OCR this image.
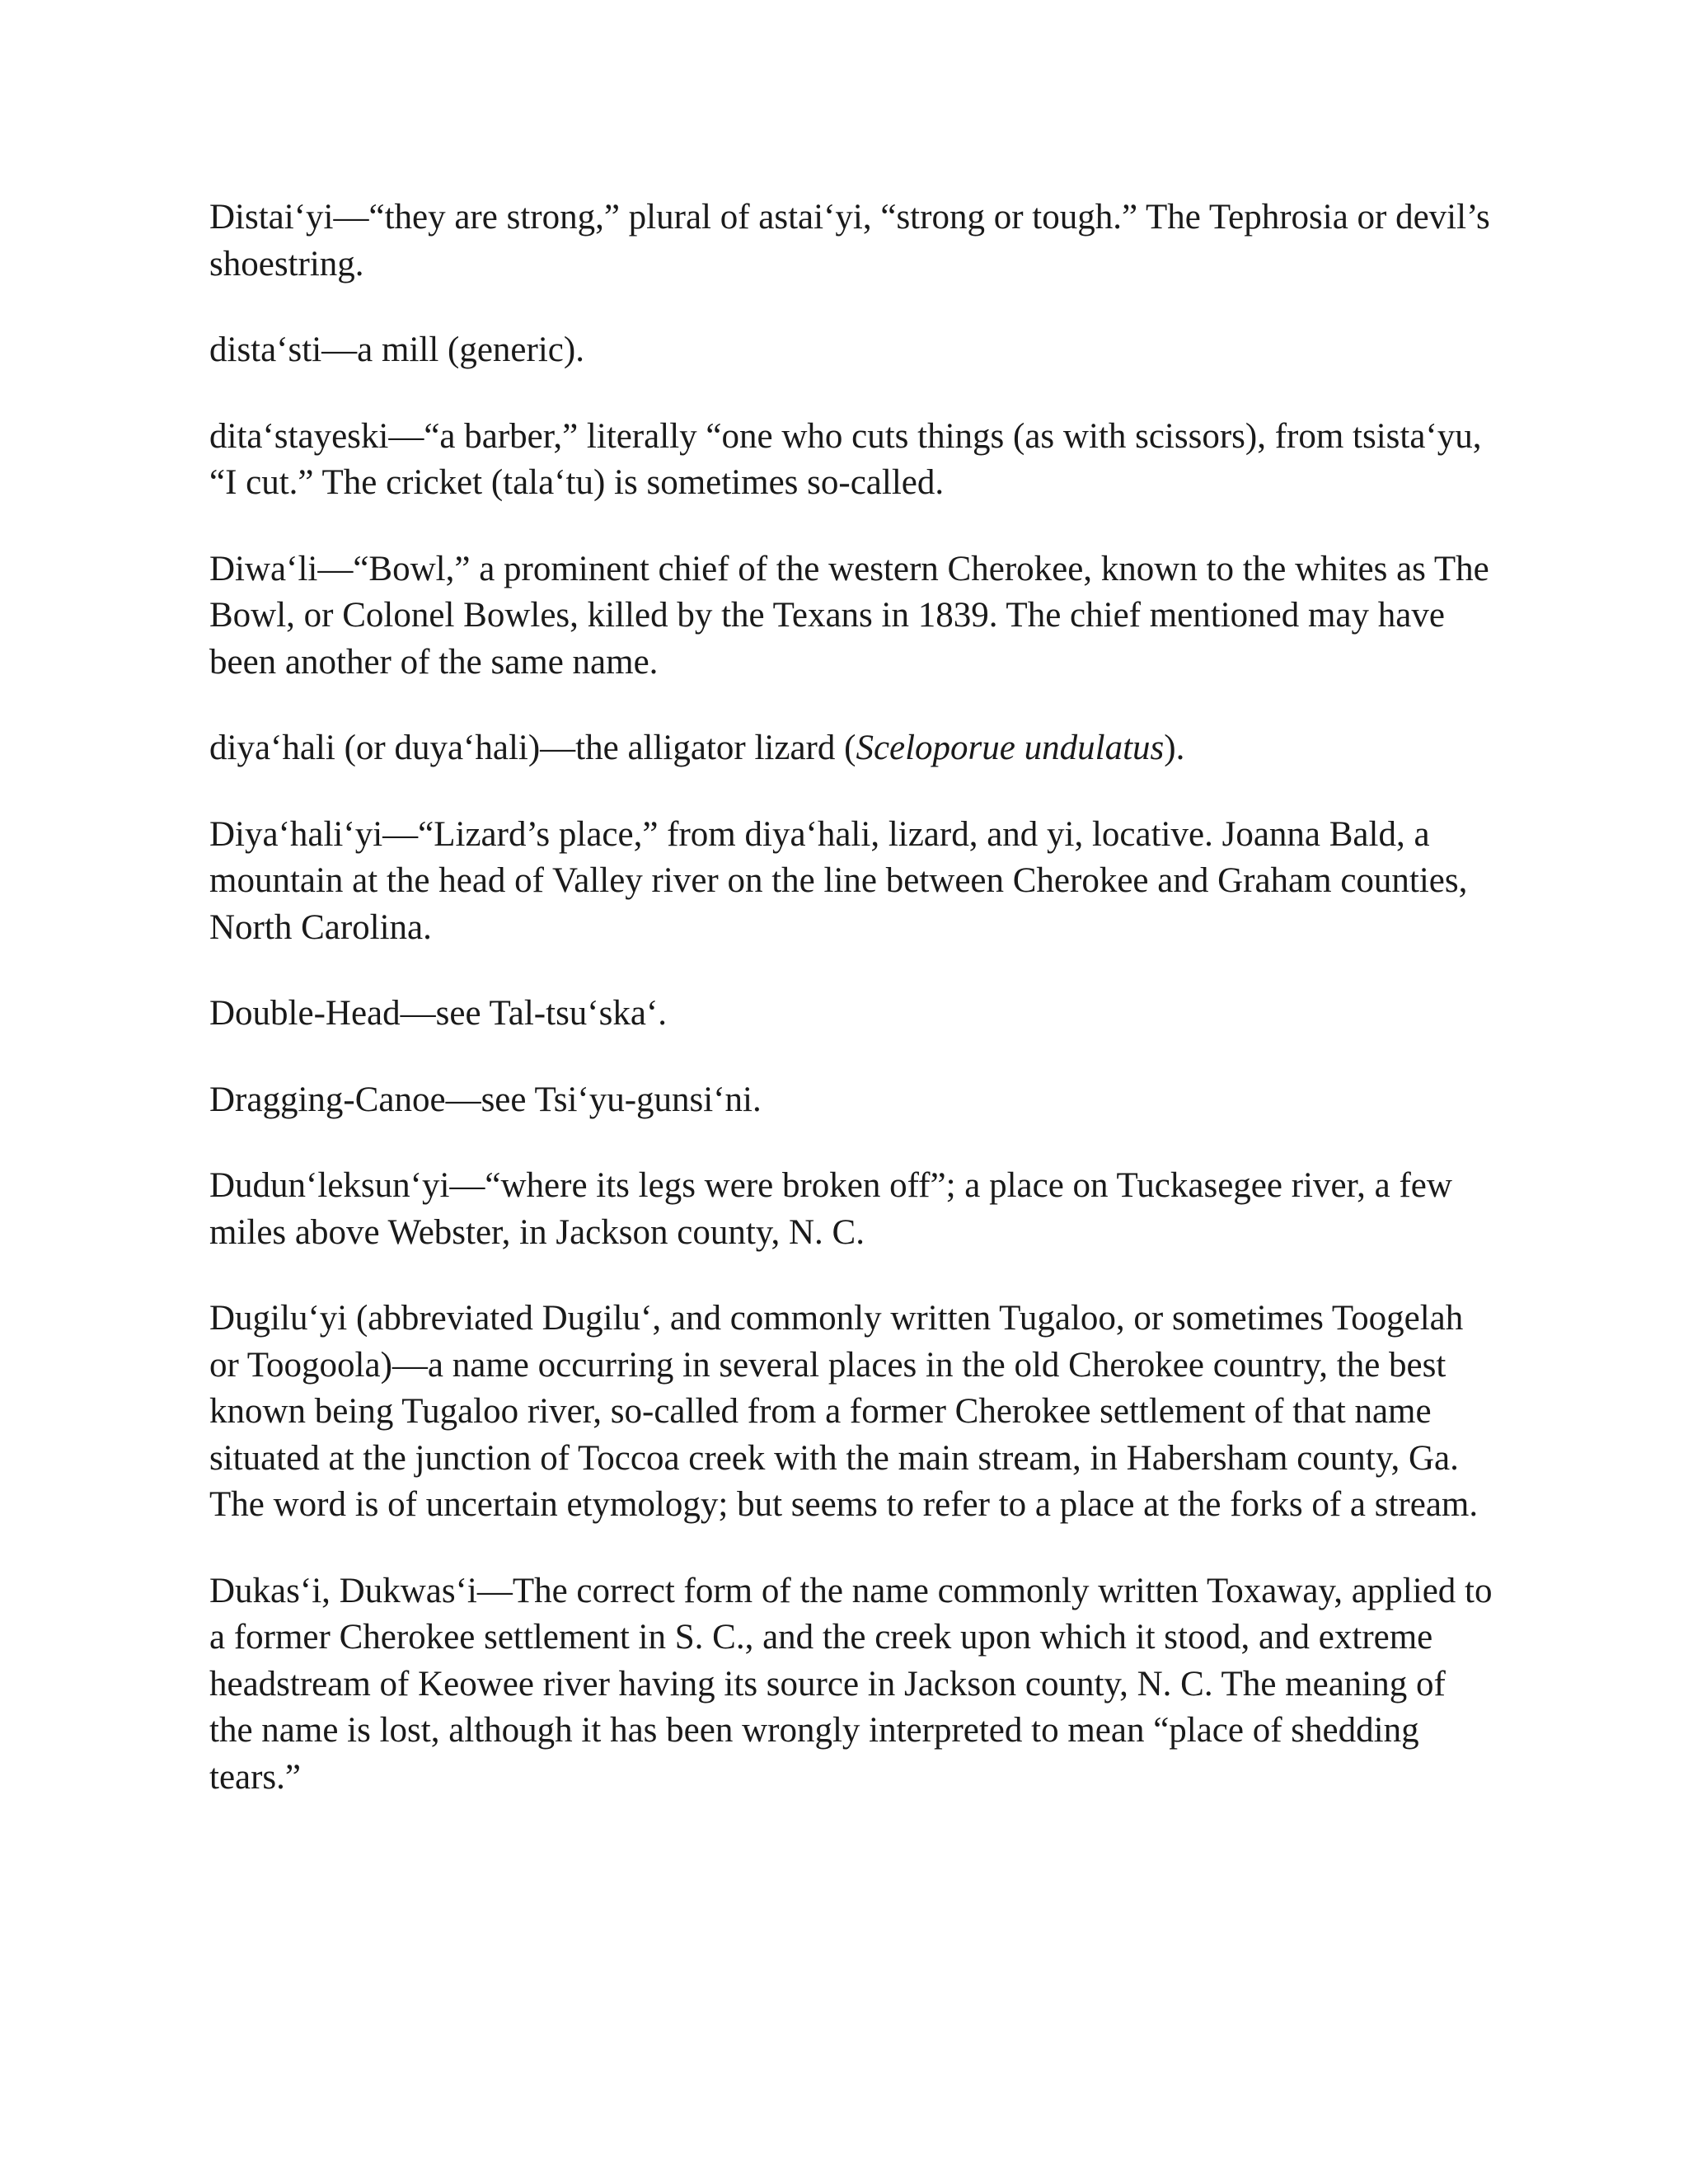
Distai‘yi—“they are strong,” plural of astai‘yi, “strong or tough.” The Tephrosia or devil’s shoestring.

dista‘sti—a mill (generic).

dita‘stayeski—“a barber,” literally “one who cuts things (as with scissors), from tsista‘yu, “I cut.” The cricket (tala‘tu) is sometimes so-called.

Diwa‘li—“Bowl,” a prominent chief of the western Cherokee, known to the whites as The Bowl, or Colonel Bowles, killed by the Texans in 1839. The chief mentioned may have been another of the same name.

diya‘hali (or duya‘hali)—the alligator lizard (Sceloporue undulatus).

Diya‘hali‘yi—“Lizard’s place,” from diya‘hali, lizard, and yi, locative. Joanna Bald, a mountain at the head of Valley river on the line between Cherokee and Graham counties, North Carolina.

Double-Head—see Tal-tsu‘ska‘.

Dragging-Canoe—see Tsi‘yu-gunsi‘ni.

Dudun‘leksun‘yi—“where its legs were broken off”; a place on Tuckasegee river, a few miles above Webster, in Jackson county, N. C.

Dugilu‘yi (abbreviated Dugilu‘, and commonly written Tugaloo, or sometimes Toogelah or Toogoola)—a name occurring in several places in the old Cherokee country, the best known being Tugaloo river, so-called from a former Cherokee settlement of that name situated at the junction of Toccoa creek with the main stream, in Habersham county, Ga. The word is of uncertain etymology; but seems to refer to a place at the forks of a stream.

Dukas‘i, Dukwas‘i—The correct form of the name commonly written Toxaway, applied to a former Cherokee settlement in S. C., and the creek upon which it stood, and extreme headstream of Keowee river having its source in Jackson county, N. C. The meaning of the name is lost, although it has been wrongly interpreted to mean “place of shedding tears.”
